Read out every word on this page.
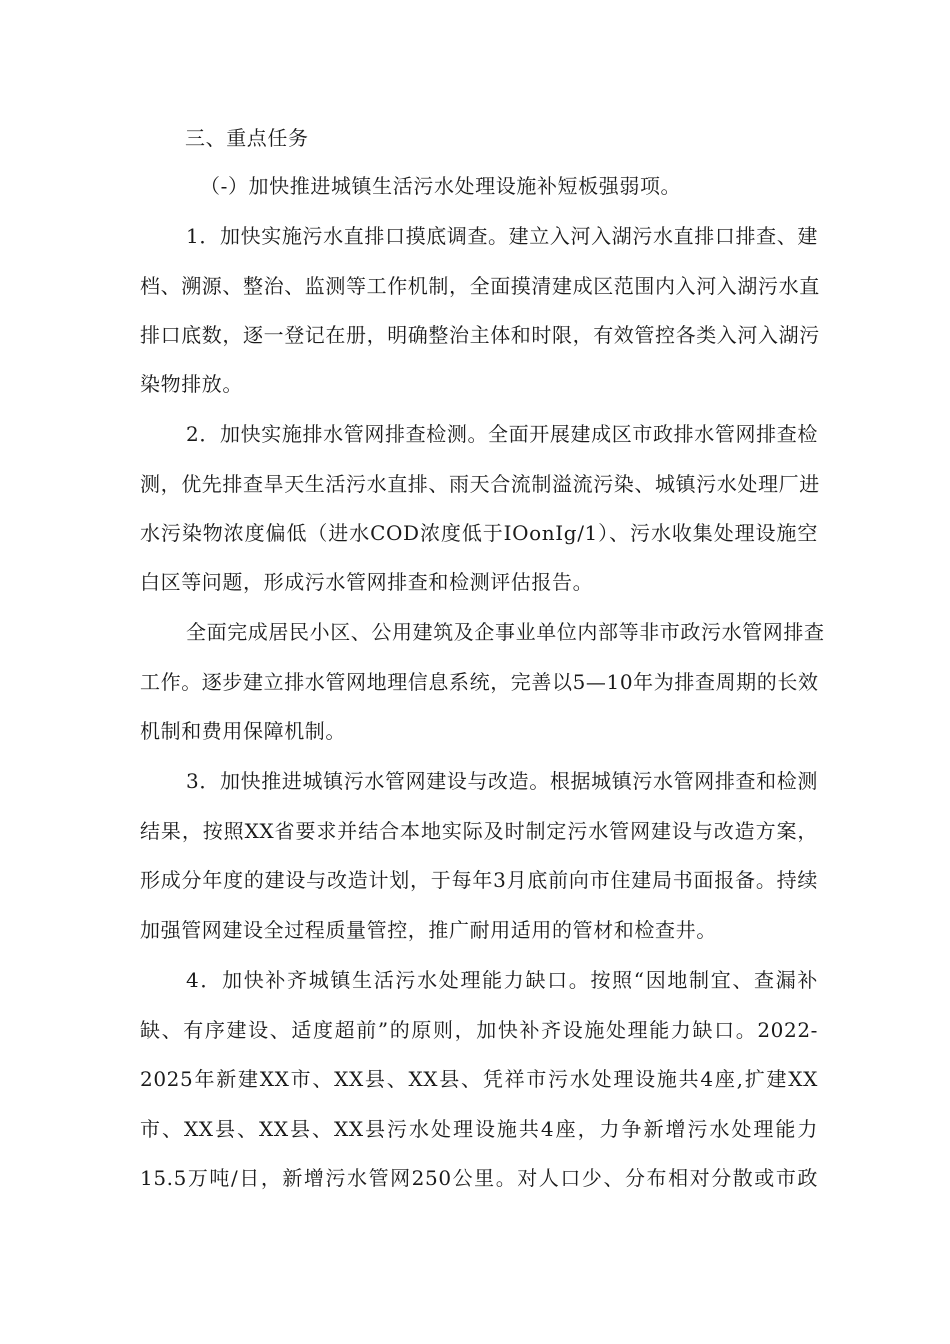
三、重点任务
（-）加快推进城镇生活污水处理设施补短板强弱项。
1．加快实施污水直排口摸底调查。建立入河入湖污水直排口排查、建
档、溯源、整治、监测等工作机制，全面摸清建成区范围内入河入湖污水直
排口底数，逐一登记在册，明确整治主体和时限，有效管控各类入河入湖污
染物排放。
2．加快实施排水管网排查检测。全面开展建成区市政排水管网排查检
测，优先排查旱天生活污水直排、雨天合流制溢流污染、城镇污水处理厂进
水污染物浓度偏低（进水COD浓度低于IOonIg/1）、污水收集处理设施空
白区等问题，形成污水管网排查和检测评估报告。
全面完成居民小区、公用建筑及企事业单位内部等非市政污水管网排查
工作。逐步建立排水管网地理信息系统，完善以5—10年为排查周期的长效
机制和费用保障机制。
3．加快推进城镇污水管网建设与改造。根据城镇污水管网排查和检测
结果，按照XX省要求并结合本地实际及时制定污水管网建设与改造方案，
形成分年度的建设与改造计划，于每年3月底前向市住建局书面报备。持续
加强管网建设全过程质量管控，推广耐用适用的管材和检查井。
4．加快补齐城镇生活污水处理能力缺口。按照“因地制宜、查漏补
缺、有序建设、适度超前”的原则，加快补齐设施处理能力缺口。2022-
2025年新建XX市、XX县、XX县、凭祥市污水处理设施共4座,扩建XX
市、XX县、XX县、XX县污水处理设施共4座，力争新增污水处理能力
15.5万吨/日，新增污水管网250公里。对人口少、分布相对分散或市政
